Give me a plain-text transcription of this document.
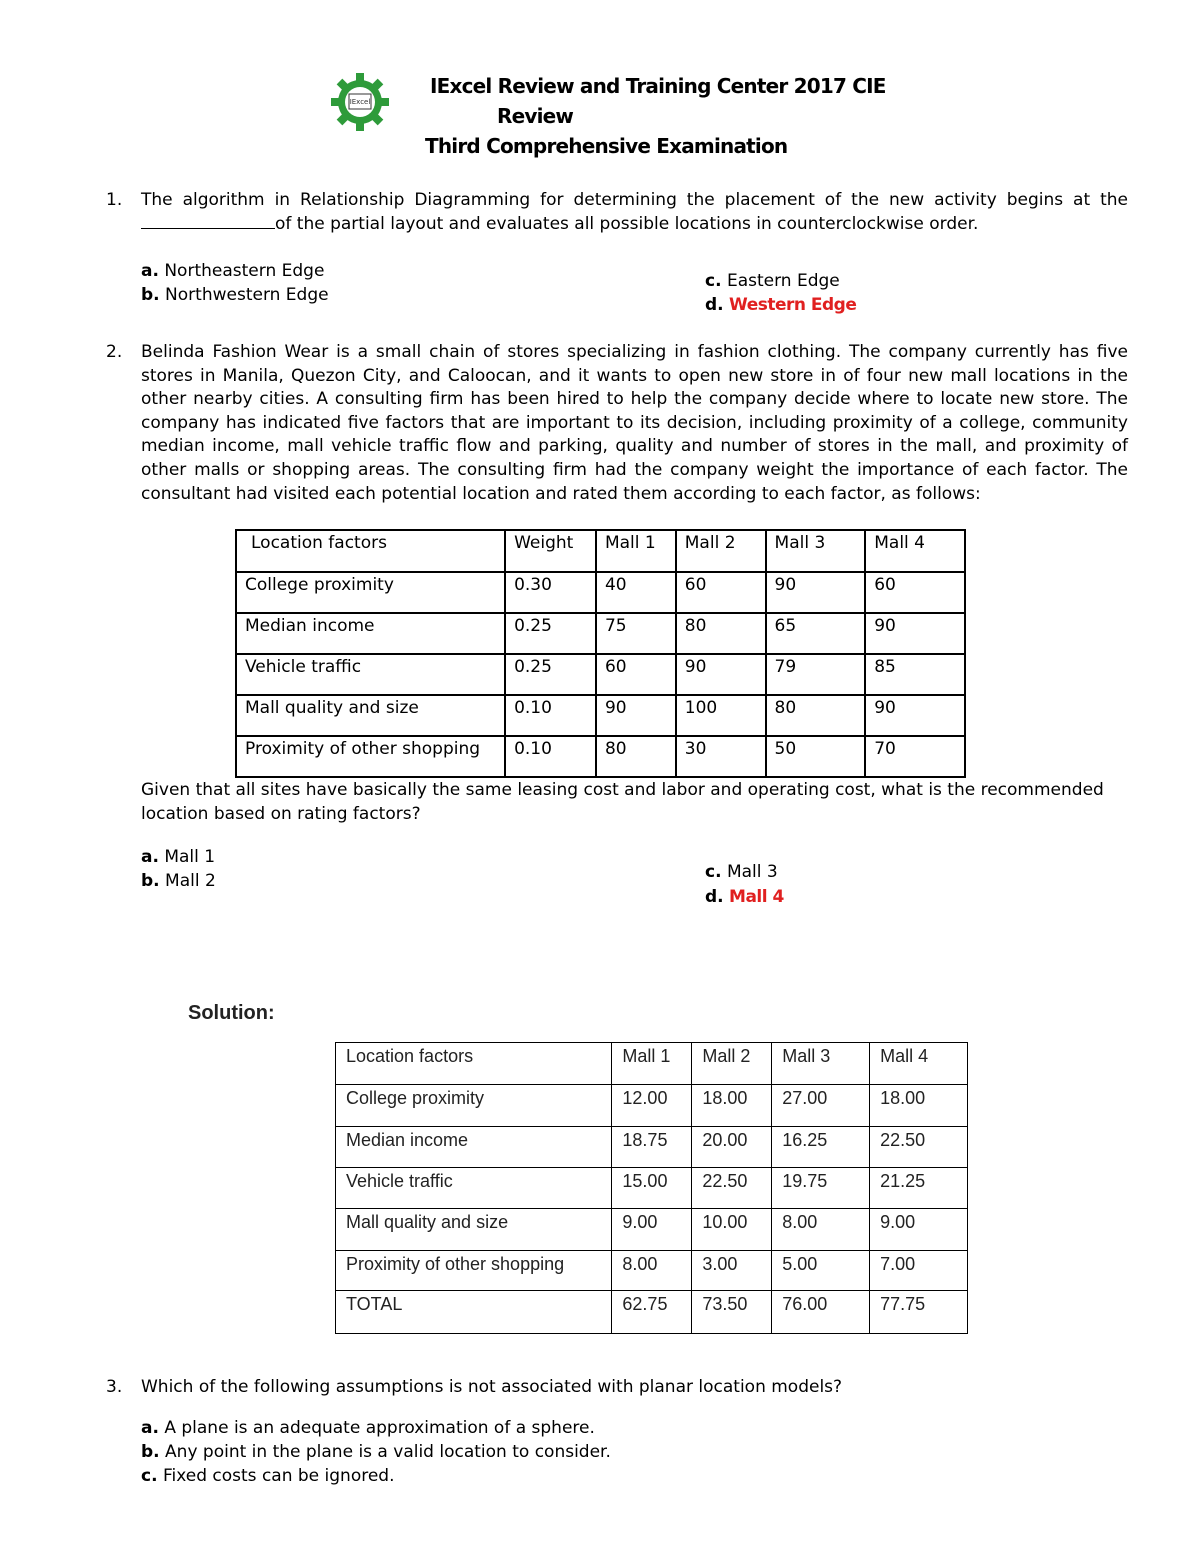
IExcel
IExcel Review and Training Center 2017 CIE
Review
Third Comprehensive Examination
1. The algorithm in Relationship Diagramming for determining the placement of the new activity begins at the of the partial layout and evaluates all possible locations in counterclockwise order.
a. Northeastern Edge
b. Northwestern Edge
c. Eastern Edge
d. Western Edge
2. Belinda Fashion Wear is a small chain of stores specializing in fashion clothing. The company currently has five stores in Manila, Quezon City, and Caloocan, and it wants to open new store in of four new mall locations in the other nearby cities. A consulting firm has been hired to help the company decide where to locate new store. The company has indicated five factors that are important to its decision, including proximity of a college, community median income, mall vehicle traffic flow and parking, quality and number of stores in the mall, and proximity of other malls or shopping areas. The consulting firm had the company weight the importance of each factor. The consultant had visited each potential location and rated them according to each factor, as follows:
Location factors	Weight	Mall 1	Mall 2	Mall 3	Mall 4
College proximity	0.30	40	60	90	60
Median income	0.25	75	80	65	90
Vehicle traffic	0.25	60	90	79	85
Mall quality and size	0.10	90	100	80	90
Proximity of other shopping	0.10	80	30	50	70
Given that all sites have basically the same leasing cost and labor and operating cost, what is the recommended location based on rating factors?
a. Mall 1
b. Mall 2	c. Mall 3
d. Mall 4
Solution:
Location factors	Mall 1	Mall 2	Mall 3	Mall 4
College proximity	12.00	18.00	27.00	18.00
Median income	18.75	20.00	16.25	22.50
Vehicle traffic	15.00	22.50	19.75	21.25
Mall quality and size	9.00	10.00	8.00	9.00
Proximity of other shopping	8.00	3.00	5.00	7.00
TOTAL	62.75	73.50	76.00	77.75
3. Which of the following assumptions is not associated with planar location models?
a. A plane is an adequate approximation of a sphere.
b. Any point in the plane is a valid location to consider.
c. Fixed costs can be ignored.
